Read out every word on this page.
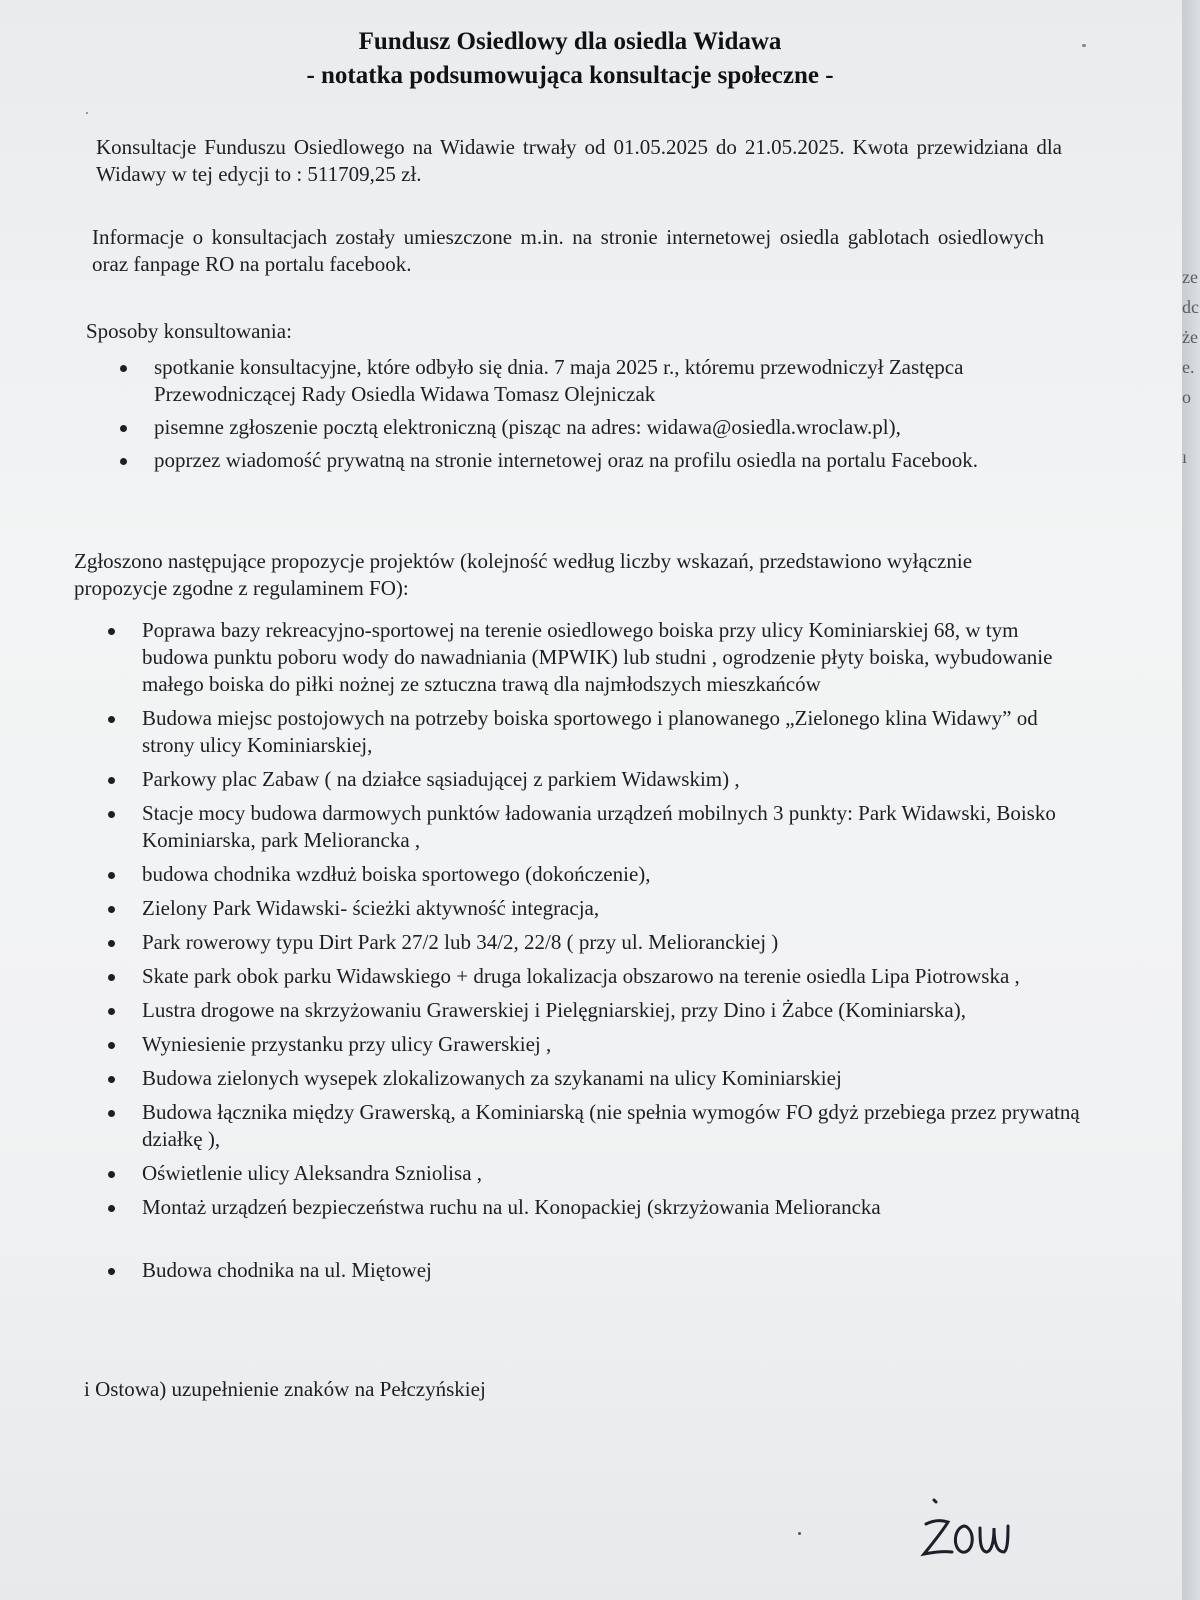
Fundusz Osiedlowy dla osiedla Widawa
- notatka podsumowująca konsultacje społeczne -
Konsultacje Funduszu Osiedlowego na Widawie trwały od 01.05.2025 do 21.05.2025. Kwota przewidziana dla Widawy w tej edycji to : 511709,25 zł.
Informacje o konsultacjach zostały umieszczone m.in. na stronie internetowej osiedla gablotach osiedlowych oraz fanpage RO na portalu facebook.
Sposoby konsultowania:
spotkanie konsultacyjne, które odbyło się dnia. 7 maja 2025 r., któremu przewodniczył Zastępca Przewodniczącej Rady Osiedla Widawa Tomasz Olejniczak
pisemne zgłoszenie pocztą elektroniczną (pisząc na adres: widawa@osiedla.wroclaw.pl),
poprzez wiadomość prywatną na stronie internetowej oraz na profilu osiedla na portalu Facebook.
Zgłoszono następujące propozycje projektów (kolejność według liczby wskazań, przedstawiono wyłącznie propozycje zgodne z regulaminem FO):
Poprawa bazy rekreacyjno-sportowej na terenie osiedlowego boiska przy ulicy Kominiarskiej 68, w tym budowa punktu poboru wody do nawadniania (MPWIK) lub studni , ogrodzenie płyty boiska, wybudowanie małego boiska do piłki nożnej ze sztuczna trawą dla najmłodszych mieszkańców
Budowa miejsc postojowych na potrzeby boiska sportowego i planowanego „Zielonego klina Widawy” od strony ulicy Kominiarskiej,
Parkowy plac Zabaw ( na działce sąsiadującej z parkiem Widawskim) ,
Stacje mocy budowa darmowych punktów ładowania urządzeń mobilnych 3 punkty: Park Widawski, Boisko Kominiarska, park Meliorancka ,
budowa chodnika wzdłuż boiska sportowego (dokończenie),
Zielony Park Widawski- ścieżki aktywność integracja,
Park rowerowy typu Dirt Park 27/2 lub 34/2, 22/8 ( przy ul. Melioranckiej )
Skate park obok parku Widawskiego + druga lokalizacja obszarowo na terenie osiedla Lipa Piotrowska ,
Lustra drogowe na skrzyżowaniu Grawerskiej i Pielęgniarskiej, przy Dino i Żabce (Kominiarska),
Wyniesienie przystanku przy ulicy Grawerskiej ,
Budowa zielonych wysepek zlokalizowanych za szykanami na ulicy Kominiarskiej
Budowa łącznika między Grawerską, a Kominiarską (nie spełnia wymogów FO gdyż przebiega przez prywatną działkę ),
Oświetlenie ulicy Aleksandra Szniolisa ,
Montaż urządzeń bezpieczeństwa ruchu na ul. Konopackiej (skrzyżowania Meliorancka
Budowa chodnika na ul. Miętowej
i Ostowa) uzupełnienie znaków na Pełczyńskiej
ze
dc
że
e.
o
ı
